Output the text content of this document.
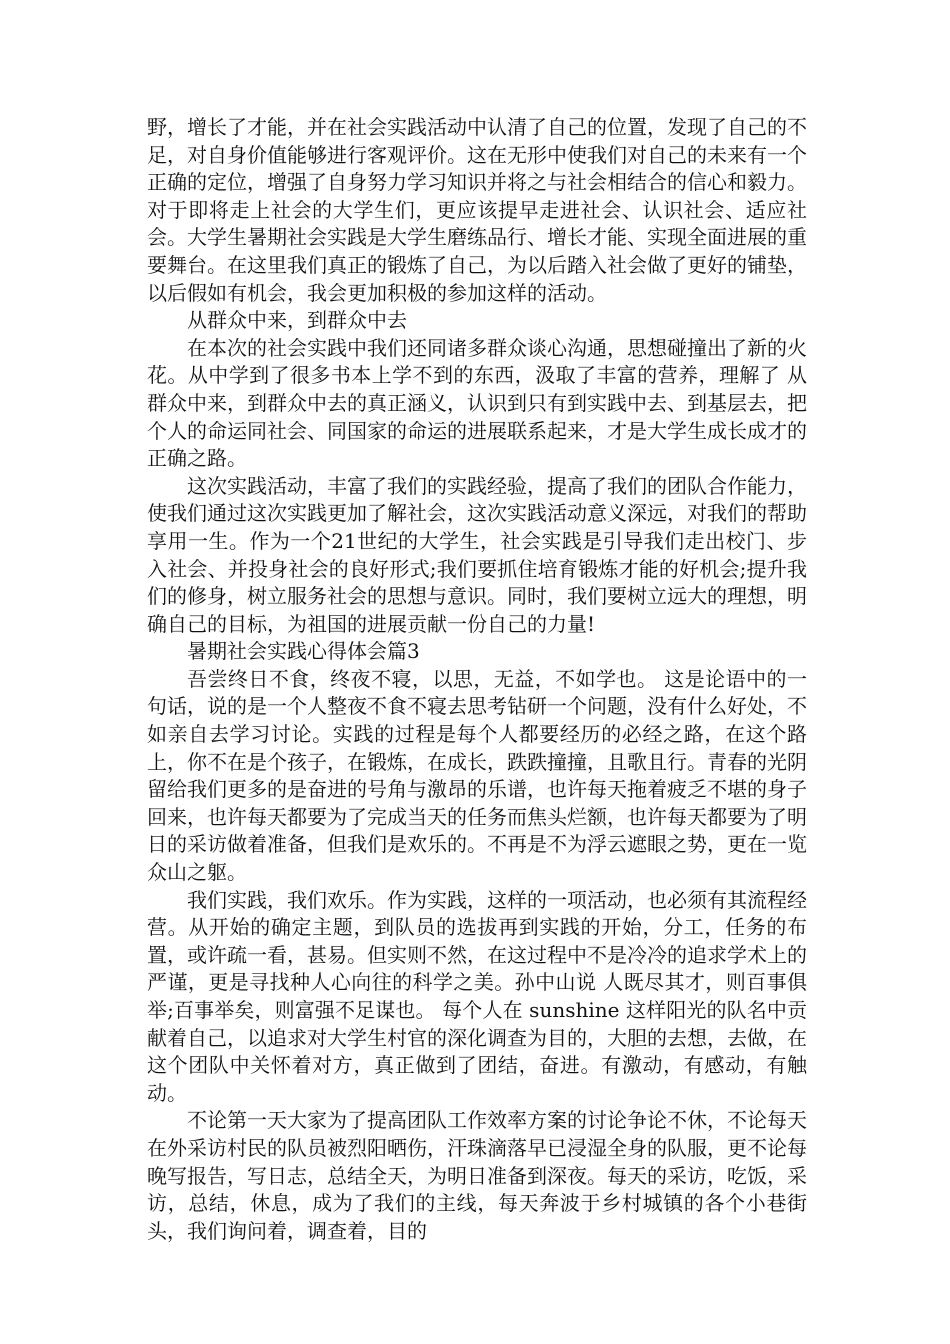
野，增长了才能，并在社会实践活动中认清了自己的位置，发现了自己的不足，对自身价值能够进行客观评价。这在无形中使我们对自己的未来有一个正确的定位，增强了自身努力学习知识并将之与社会相结合的信心和毅力。对于即将走上社会的大学生们，更应该提早走进社会、认识社会、适应社会。大学生暑期社会实践是大学生磨练品行、增长才能、实现全面进展的重要舞台。在这里我们真正的锻炼了自己，为以后踏入社会做了更好的铺垫，以后假如有机会，我会更加积极的参加这样的活动。

从群众中来，到群众中去

在本次的社会实践中我们还同诸多群众谈心沟通，思想碰撞出了新的火花。从中学到了很多书本上学不到的东西，汲取了丰富的营养，理解了 从群众中来，到群众中去的真正涵义，认识到只有到实践中去、到基层去，把个人的命运同社会、同国家的命运的进展联系起来，才是大学生成长成才的正确之路。

这次实践活动，丰富了我们的实践经验，提高了我们的团队合作能力，使我们通过这次实践更加了解社会，这次实践活动意义深远，对我们的帮助享用一生。作为一个21世纪的大学生，社会实践是引导我们走出校门、步入社会、并投身社会的良好形式;我们要抓住培育锻炼才能的好机会;提升我们的修身，树立服务社会的思想与意识。同时，我们要树立远大的理想，明确自己的目标，为祖国的进展贡献一份自己的力量!

暑期社会实践心得体会篇3

吾尝终日不食，终夜不寝，以思，无益，不如学也。 这是论语中的一句话，说的是一个人整夜不食不寝去思考钻研一个问题，没有什么好处，不如亲自去学习讨论。实践的过程是每个人都要经历的必经之路，在这个路上，你不在是个孩子，在锻炼，在成长，跌跌撞撞，且歌且行。青春的光阴留给我们更多的是奋进的号角与激昂的乐谱，也许每天拖着疲乏不堪的身子回来，也许每天都要为了完成当天的任务而焦头烂额，也许每天都要为了明日的采访做着准备，但我们是欢乐的。不再是不为浮云遮眼之势，更在一览众山之躯。

我们实践，我们欢乐。作为实践，这样的一项活动，也必须有其流程经营。从开始的确定主题，到队员的选拔再到实践的开始，分工，任务的布置，或许疏一看，甚易。但实则不然，在这过程中不是冷冷的追求学术上的严谨，更是寻找种人心向往的科学之美。孙中山说 人既尽其才，则百事俱举;百事举矣，则富强不足谋也。 每个人在 sunshine 这样阳光的队名中贡献着自己，以追求对大学生村官的深化调查为目的，大胆的去想，去做，在这个团队中关怀着对方，真正做到了团结，奋进。有激动，有感动，有触动。

不论第一天大家为了提高团队工作效率方案的讨论争论不休，不论每天在外采访村民的队员被烈阳晒伤，汗珠滴落早已浸湿全身的队服，更不论每晚写报告，写日志，总结全天，为明日准备到深夜。每天的采访，吃饭，采访，总结，休息，成为了我们的主线，每天奔波于乡村城镇的各个小巷街头，我们询问着，调查着，目的
